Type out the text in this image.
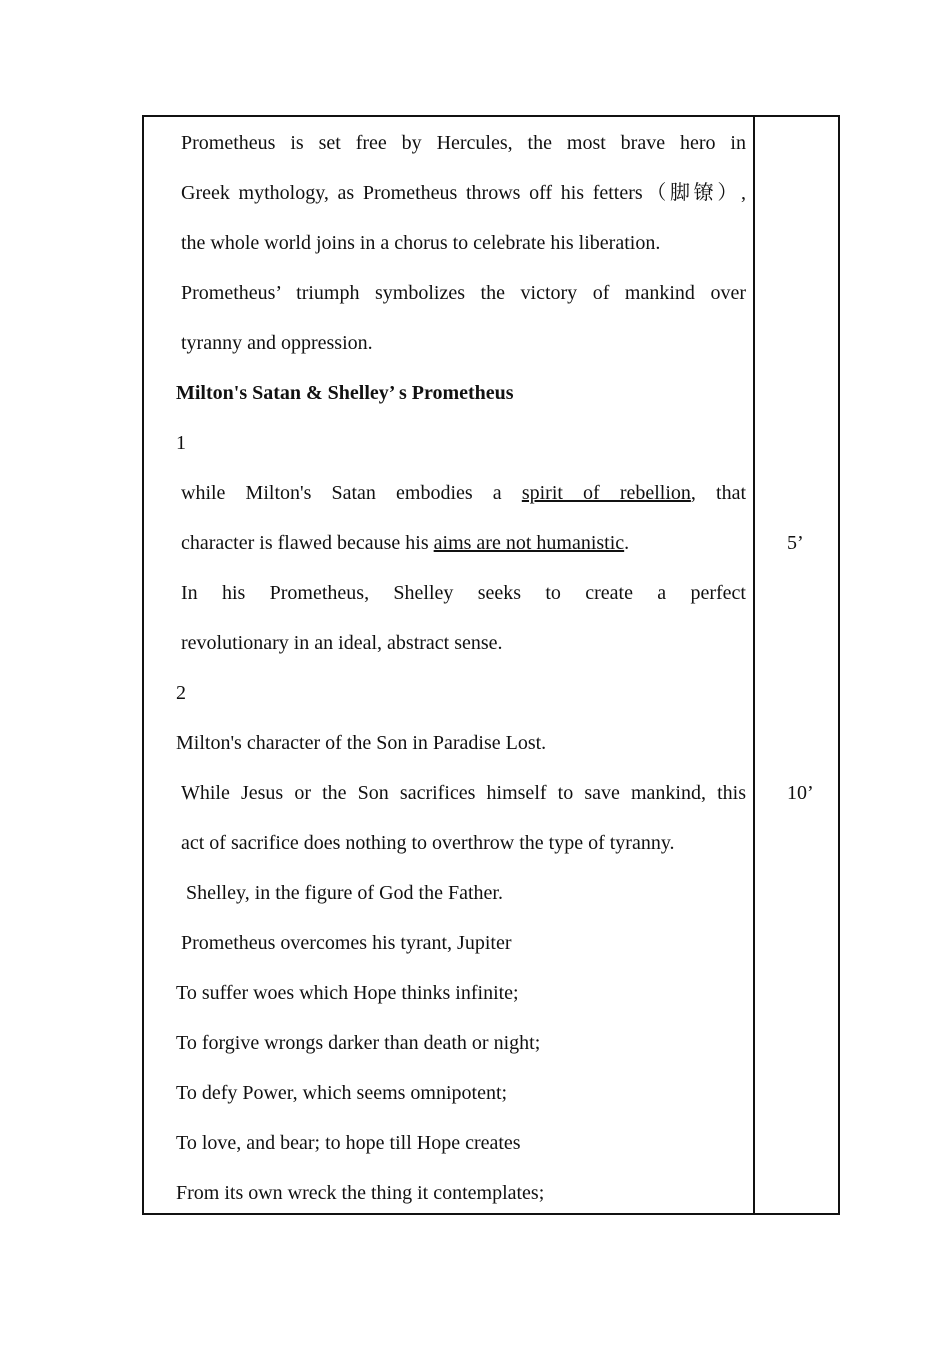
Prometheus is set free by Hercules, the most brave hero in
Greek mythology, as Prometheus throws off his fetters（脚镣）,
the whole world joins in a chorus to celebrate his liberation.
Prometheus’ triumph symbolizes the victory of mankind over
tyranny and oppression.
Milton's Satan & Shelley’ s Prometheus
1
while Milton's Satan embodies a spirit of rebellion, that
character is flawed because his aims are not humanistic.
In his Prometheus, Shelley seeks to create a perfect
revolutionary in an ideal, abstract sense.
2
Milton's character of the Son in Paradise Lost.
While Jesus or the Son sacrifices himself to save mankind, this
act of sacrifice does nothing to overthrow the type of tyranny.
Shelley, in the figure of God the Father.
Prometheus overcomes his tyrant, Jupiter
To suffer woes which Hope thinks infinite;
To forgive wrongs darker than death or night;
To defy Power, which seems omnipotent;
To love, and bear; to hope till Hope creates
From its own wreck the thing it contemplates;
5’
10’
